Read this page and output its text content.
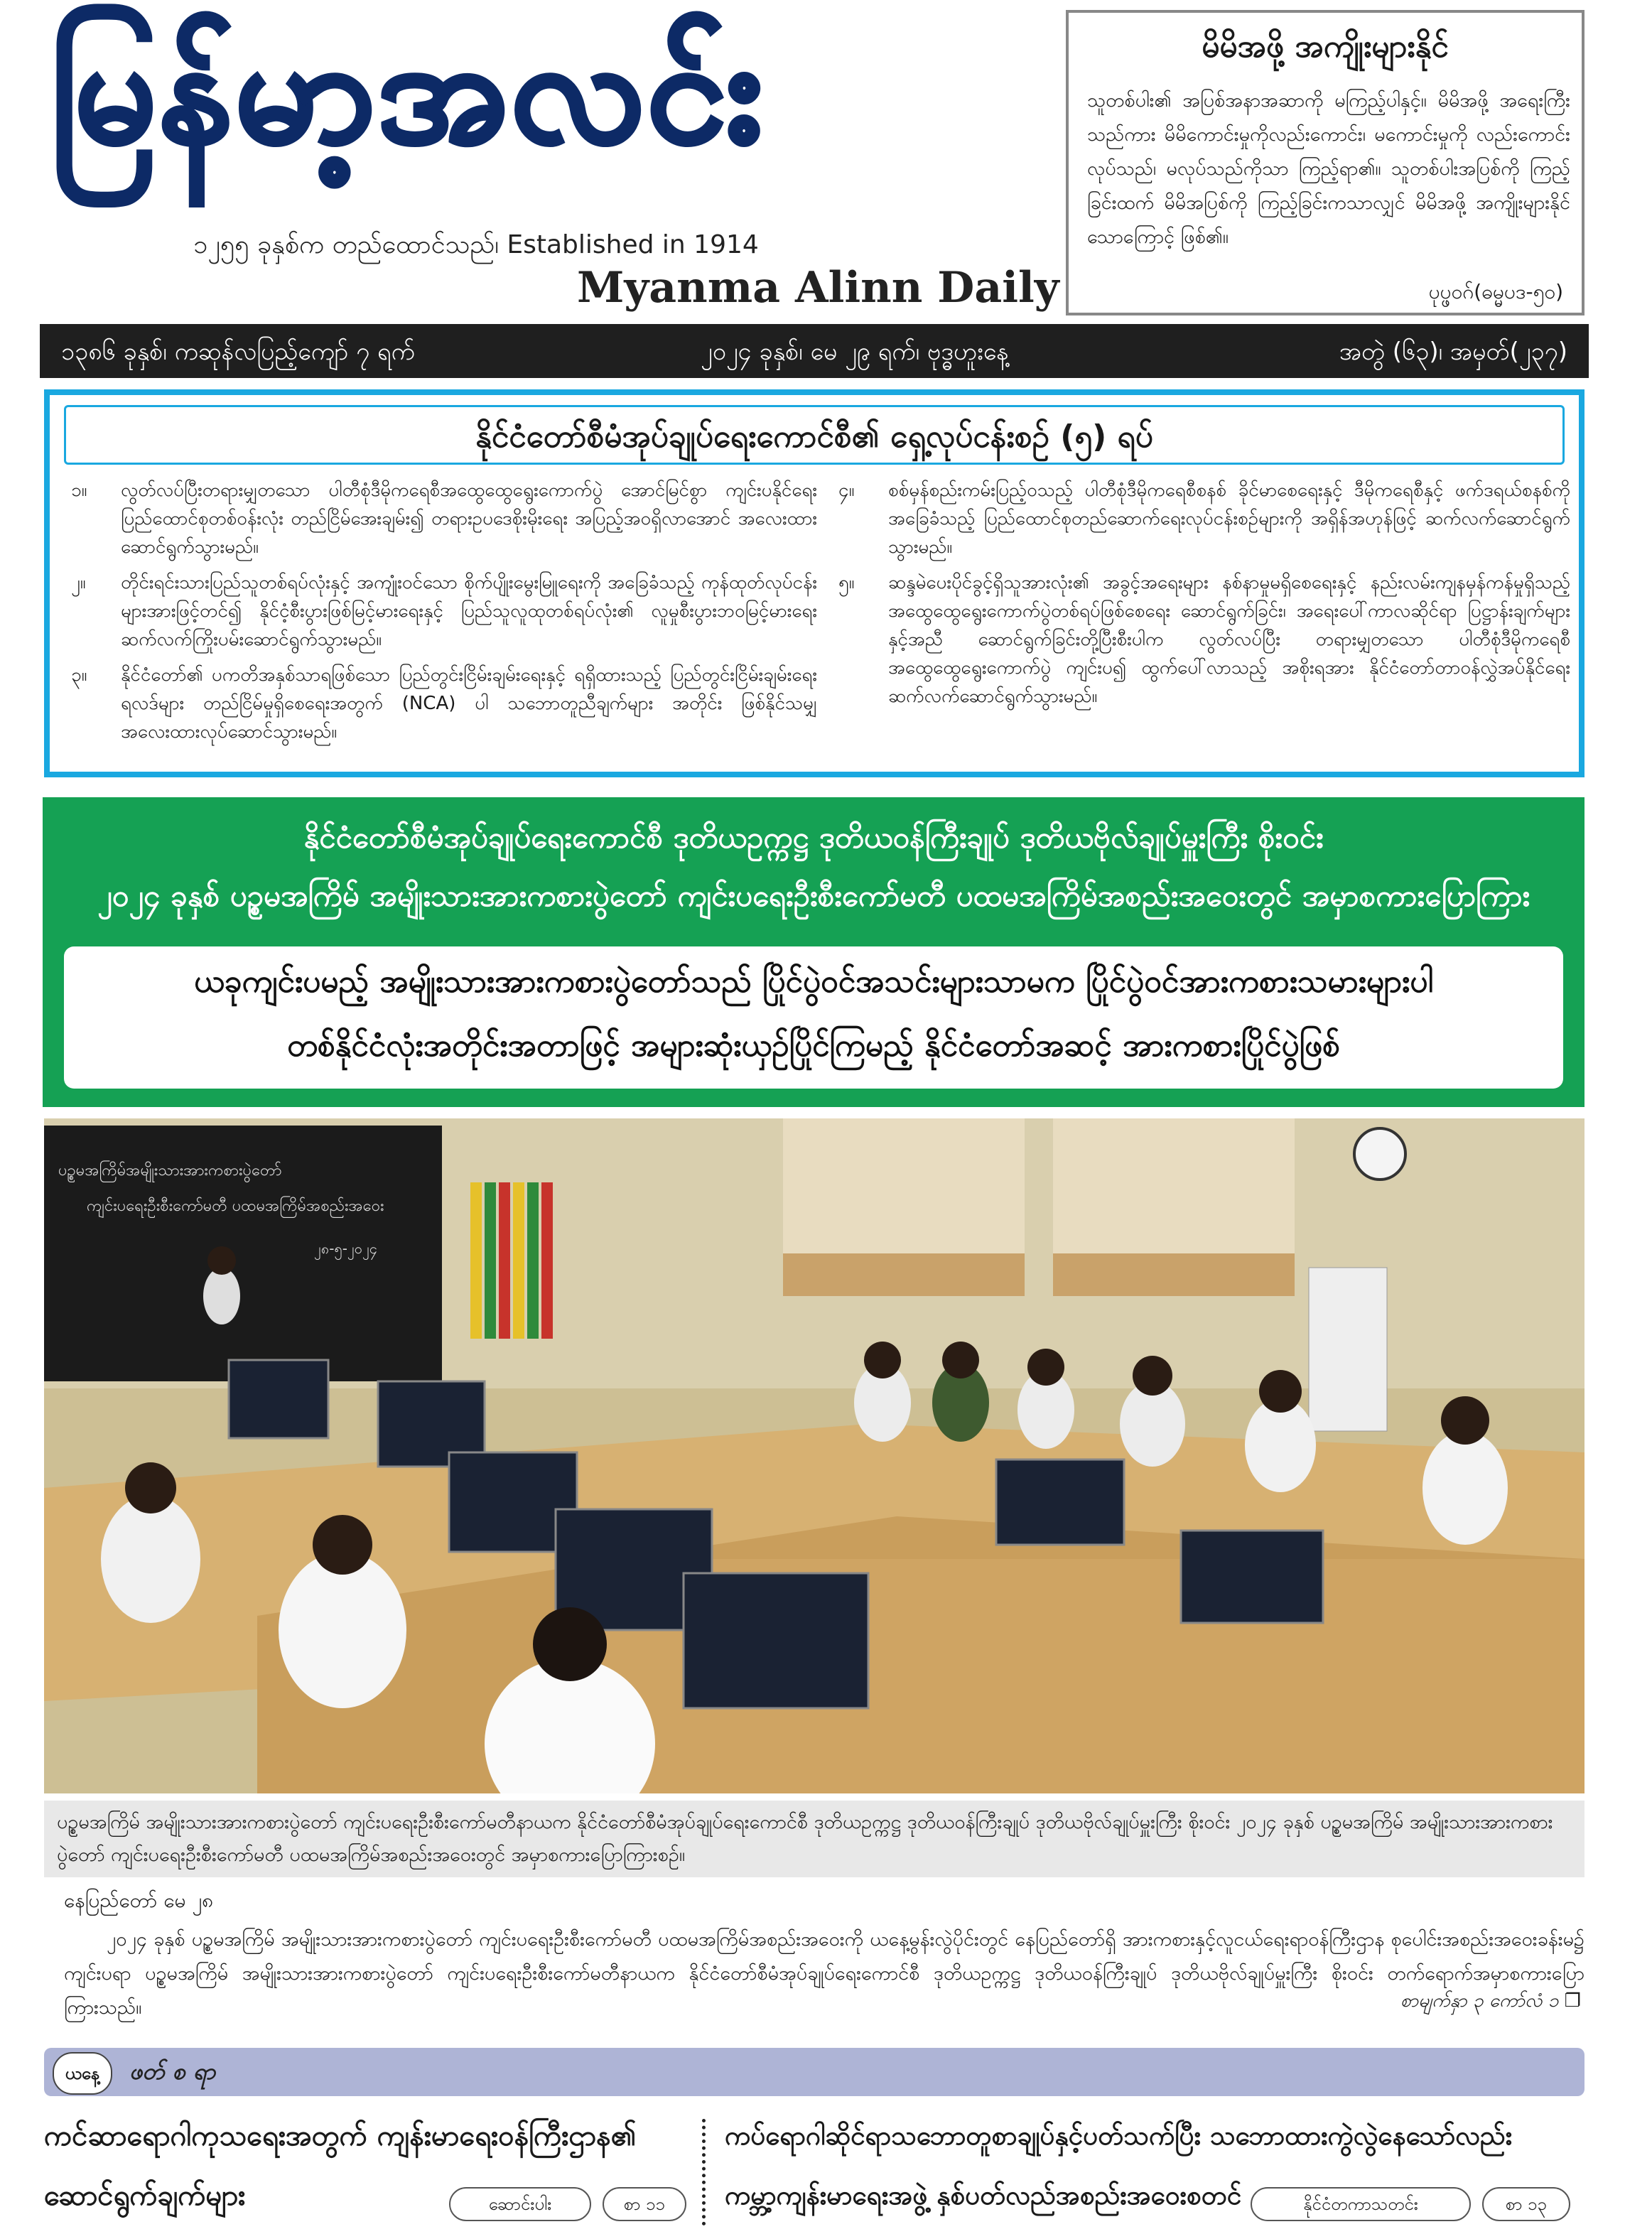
မြန်မာ့အလင်း
၁၂၅၅ ခုနှစ်က တည်ထောင်သည်၊ Established in 1914
Myanma Alinn Daily
မိမိအဖို့ အကျိုးများနိုင်
သူတစ်ပါး၏ အပြစ်အနာအဆာကို မကြည့်ပါနှင့်။ မိမိအဖို့ အရေးကြီးသည်ကား မိမိကောင်းမှုကိုလည်းကောင်း၊ မကောင်းမှုကို လည်းကောင်း လုပ်သည်၊ မလုပ်သည်ကိုသာ ကြည့်ရာ၏။ သူတစ်ပါးအပြစ်ကို ကြည့်ခြင်းထက် မိမိအပြစ်ကို ကြည့်ခြင်းကသာလျှင် မိမိအဖို့ အကျိုးများနိုင်သောကြောင့် ဖြစ်၏။
ပုပ္ဖဝဂ်(ဓမ္မပဒ-၅၀)
၁၃၈၆ ခုနှစ်၊ ကဆုန်လပြည့်ကျော် ၇ ရက်	၂၀၂၄ ခုနှစ်၊ မေ ၂၉ ရက်၊ ဗုဒ္ဓဟူးနေ့	အတွဲ (၆၃)၊ အမှတ်(၂၃၇)
နိုင်ငံတော်စီမံအုပ်ချုပ်ရေးကောင်စီ၏ ရှေ့လုပ်ငန်းစဉ် (၅) ရပ်
၁။	လွတ်လပ်ပြီးတရားမျှတသော ပါတီစုံဒီမိုကရေစီအထွေထွေရွေးကောက်ပွဲ အောင်မြင်စွာ ကျင်းပနိုင်ရေး ပြည်ထောင်စုတစ်ဝန်းလုံး တည်ငြိမ်အေးချမ်း၍ တရားဥပဒေစိုးမိုးရေး အပြည့်အဝရှိလာအောင် အလေးထားဆောင်ရွက်သွားမည်။
၂။	တိုင်းရင်းသားပြည်သူတစ်ရပ်လုံးနှင့် အကျုံးဝင်သော စိုက်ပျိုးမွေးမြူရေးကို အခြေခံသည့် ကုန်ထုတ်လုပ်ငန်းများအားဖြင့်တင်၍ နိုင်ငံ့စီးပွားဖြစ်မြင့်မားရေးနှင့် ပြည်သူလူထုတစ်ရပ်လုံး၏ လူမှုစီးပွားဘဝမြင့်မားရေး ဆက်လက်ကြိုးပမ်းဆောင်ရွက်သွားမည်။
၃။	နိုင်ငံတော်၏ ပကတိအနှစ်သာရဖြစ်သော ပြည်တွင်းငြိမ်းချမ်းရေးနှင့် ရရှိထားသည့် ပြည်တွင်းငြိမ်းချမ်းရေးရလဒ်များ တည်ငြိမ်မှုရှိစေရေးအတွက် (NCA) ပါ သဘောတူညီချက်များ အတိုင်း ဖြစ်နိုင်သမျှ အလေးထားလုပ်ဆောင်သွားမည်။
၄။	စစ်မှန်စည်းကမ်းပြည့်ဝသည့် ပါတီစုံဒီမိုကရေစီစနစ် ခိုင်မာစေရေးနှင့် ဒီမိုကရေစီနှင့် ဖက်ဒရယ်စနစ်ကိုအခြေခံသည့် ပြည်ထောင်စုတည်ဆောက်ရေးလုပ်ငန်းစဉ်များကို အရှိန်အဟုန်ဖြင့် ဆက်လက်ဆောင်ရွက်သွားမည်။
၅။	ဆန္ဒမဲပေးပိုင်ခွင့်ရှိသူအားလုံး၏ အခွင့်အရေးများ နစ်နာမှုမရှိစေရေးနှင့် နည်းလမ်းကျနမှန်ကန်မှုရှိသည့် အထွေထွေရွေးကောက်ပွဲတစ်ရပ်ဖြစ်စေရေး ဆောင်ရွက်ခြင်း၊ အရေးပေါ်ကာလဆိုင်ရာ ပြဋ္ဌာန်းချက်များနှင့်အညီ ဆောင်ရွက်ခြင်းတို့ပြီးစီးပါက လွတ်လပ်ပြီး တရားမျှတသော ပါတီစုံဒီမိုကရေစီအထွေထွေရွေးကောက်ပွဲ ကျင်းပ၍ ထွက်ပေါ်လာသည့် အစိုးရအား နိုင်ငံတော်တာဝန်လွှဲအပ်နိုင်ရေး ဆက်လက်ဆောင်ရွက်သွားမည်။
နိုင်ငံတော်စီမံအုပ်ချုပ်ရေးကောင်စီ ဒုတိယဥက္ကဋ္ဌ ဒုတိယဝန်ကြီးချုပ် ဒုတိယဗိုလ်ချုပ်မှူးကြီး စိုးဝင်း
၂၀၂၄ ခုနှစ် ပဉ္စမအကြိမ် အမျိုးသားအားကစားပွဲတော် ကျင်းပရေးဦးစီးကော်မတီ ပထမအကြိမ်အစည်းအဝေးတွင် အမှာစကားပြောကြား
ယခုကျင်းပမည့် အမျိုးသားအားကစားပွဲတော်သည် ပြိုင်ပွဲဝင်အသင်းများသာမက ပြိုင်ပွဲဝင်အားကစားသမားများပါ
တစ်နိုင်ငံလုံးအတိုင်းအတာဖြင့် အများဆုံးယှဉ်ပြိုင်ကြမည့် နိုင်ငံတော်အဆင့် အားကစားပြိုင်ပွဲဖြစ်
ပဉ္စမအကြိမ်အမျိုးသားအားကစားပွဲတော်
ကျင်းပရေးဦးစီးကော်မတီ ပထမအကြိမ်အစည်းအဝေး
၂၈-၅-၂၀၂၄
ပဉ္စမအကြိမ် အမျိုးသားအားကစားပွဲတော် ကျင်းပရေးဦးစီးကော်မတီနာယက နိုင်ငံတော်စီမံအုပ်ချုပ်ရေးကောင်စီ ဒုတိယဥက္ကဋ္ဌ ဒုတိယဝန်ကြီးချုပ် ဒုတိယဗိုလ်ချုပ်မှူးကြီး စိုးဝင်း ၂၀၂၄ ခုနှစ် ပဉ္စမအကြိမ် အမျိုးသားအားကစားပွဲတော် ကျင်းပရေးဦးစီးကော်မတီ ပထမအကြိမ်အစည်းအဝေးတွင် အမှာစကားပြောကြားစဉ်။
နေပြည်တော် မေ ၂၈
၂၀၂၄ ခုနှစ် ပဉ္စမအကြိမ် အမျိုးသားအားကစားပွဲတော် ကျင်းပရေးဦးစီးကော်မတီ ပထမအကြိမ်အစည်းအဝေးကို ယနေ့မွန်းလွဲပိုင်းတွင် နေပြည်တော်ရှိ အားကစားနှင့်လူငယ်ရေးရာဝန်ကြီးဌာန စုပေါင်းအစည်းအဝေးခန်းမ၌ ကျင်းပရာ ပဉ္စမအကြိမ် အမျိုးသားအားကစားပွဲတော် ကျင်းပရေးဦးစီးကော်မတီနာယက နိုင်ငံတော်စီမံအုပ်ချုပ်ရေးကောင်စီ ဒုတိယဥက္ကဋ္ဌ ဒုတိယဝန်ကြီးချုပ် ဒုတိယဗိုလ်ချုပ်မှူးကြီး စိုးဝင်း တက်ရောက်အမှာစကားပြောကြားသည်။	စာမျက်နှာ ၃ ကော်လံ ၁ ❐
ယနေ့	ဖတ် စ ရာ
ကင်ဆာရောဂါကုသရေးအတွက် ကျန်းမာရေးဝန်ကြီးဌာန၏
ဆောင်ရွက်ချက်များ	ဆောင်းပါး	စာ ၁၁
ကပ်ရောဂါဆိုင်ရာသဘောတူစာချုပ်နှင့်ပတ်သက်ပြီး သဘောထားကွဲလွဲနေသော်လည်း
ကမ္ဘာ့ကျန်းမာရေးအဖွဲ့ နှစ်ပတ်လည်အစည်းအဝေးစတင်	နိုင်ငံတကာသတင်း	စာ ၁၃
